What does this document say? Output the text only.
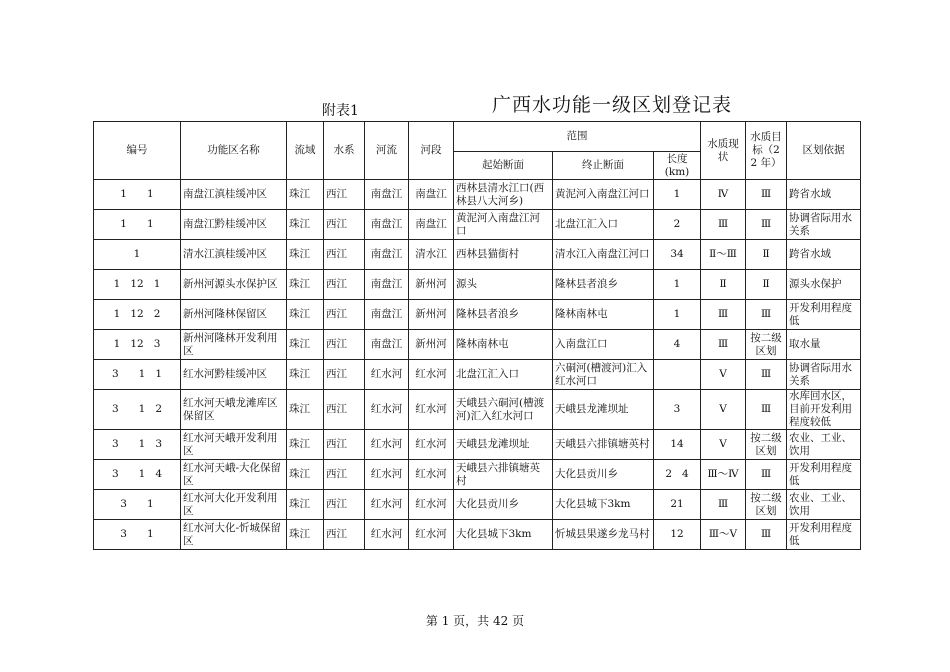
附表1	广西水功能一级区划登记表
编号	功能区名称	流域	水系	河流	河段	范围			水质现状	水质目标（2 2 年）	区划依据
						起始断面	终止断面	长度(km)			
1      1	南盘江滇桂缓冲区	珠江	西江	南盘江	南盘江	西林县清水江口(西林县八大河乡)	黄泥河入南盘江河口	1	Ⅳ	Ⅲ	跨省水域
1      1	南盘江黔桂缓冲区	珠江	西江	南盘江	南盘江	黄泥河入南盘江河口	北盘江汇入口	2	Ⅲ	Ⅲ	协调省际用水关系
1	清水江滇桂缓冲区	珠江	西江	南盘江	清水江	西林县猫街村	清水江入南盘江河口	34	Ⅱ～Ⅲ	Ⅱ	跨省水域
1   12   1	新州河源头水保护区	珠江	西江	南盘江	新州河	源头	隆林县者浪乡	1	Ⅱ	Ⅱ	源头水保护
1   12   2	新州河隆林保留区	珠江	西江	南盘江	新州河	隆林县者浪乡	隆林南林屯	1	Ⅲ	Ⅲ	开发利用程度低
1   12   3	新州河隆林开发利用区	珠江	西江	南盘江	新州河	隆林南林屯	入南盘江口	4	Ⅲ	按二级区划	取水量
3      1   1	红水河黔桂缓冲区	珠江	西江	红水河	红水河	北盘江汇入口	六硐河(槽渡河)汇入红水河口		Ⅴ	Ⅲ	协调省际用水关系
3      1   2	红水河天峨龙滩库区保留区	珠江	西江	红水河	红水河	天峨县六硐河(槽渡河)汇入红水河口	天峨县龙滩坝址	3	Ⅴ	Ⅲ	水库回水区，目前开发利用程度较低
3      1   3	红水河天峨开发利用区	珠江	西江	红水河	红水河	天峨县龙滩坝址	天峨县六排镇塘英村	14	Ⅴ	按二级区划	农业、工业、饮用
3      1   4	红水河天峨-大化保留区	珠江	西江	红水河	红水河	天峨县六排镇塘英村	大化县贡川乡	2   4	Ⅲ～Ⅳ	Ⅲ	开发利用程度低
3      1	红水河大化开发利用区	珠江	西江	红水河	红水河	大化县贡川乡	大化县城下3km	21	Ⅲ	按二级区划	农业、工业、饮用
3      1	红水河大化-忻城保留区	珠江	西江	红水河	红水河	大化县城下3km	忻城县果遂乡龙马村	12	Ⅲ～Ⅴ	Ⅲ	开发利用程度低
第 1 页，共 42 页
